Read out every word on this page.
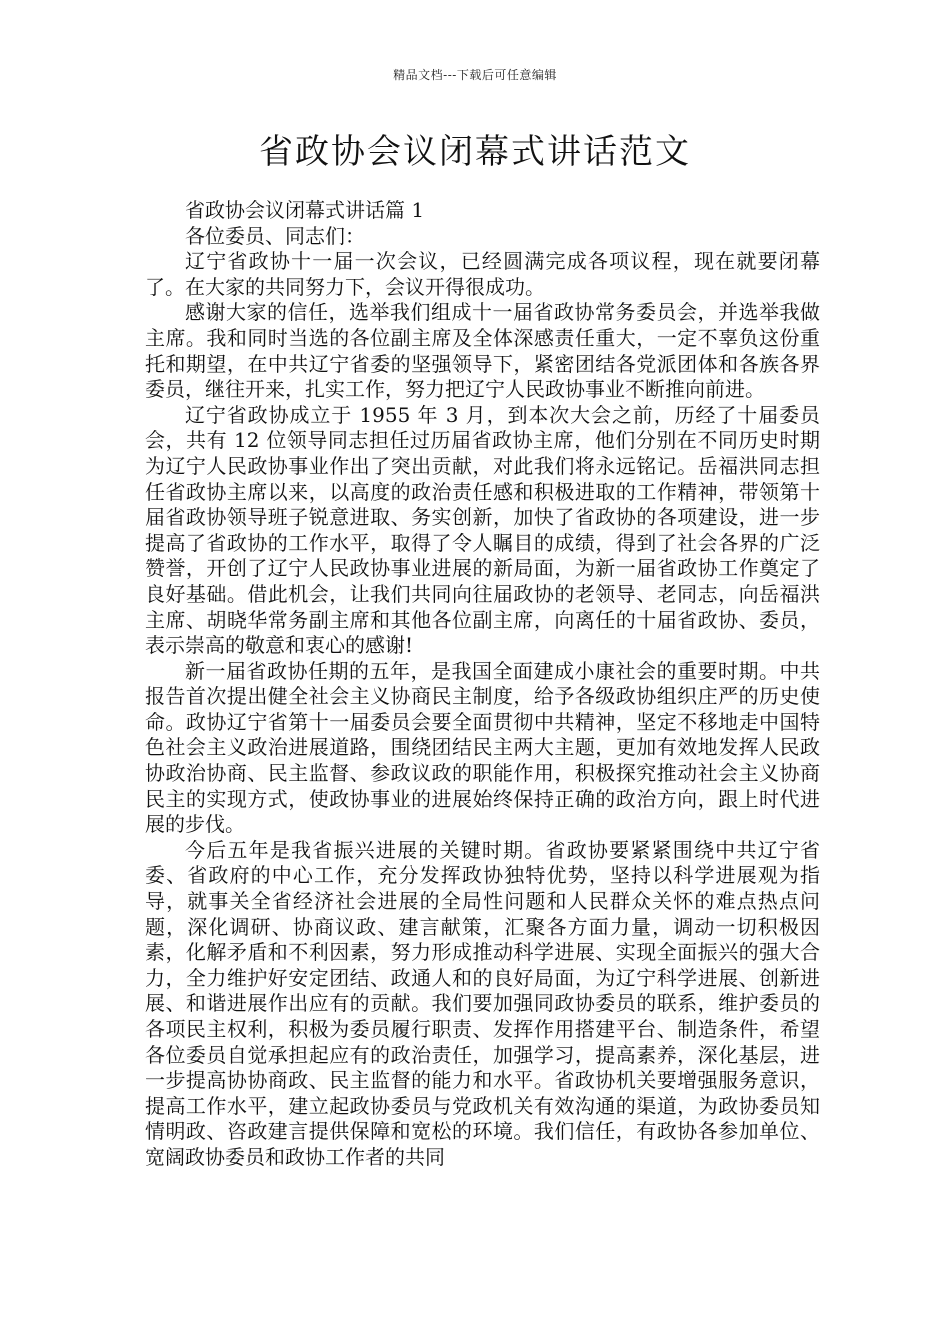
精品文档---下载后可任意编辑
省政协会议闭幕式讲话范文

省政协会议闭幕式讲话篇 1

各位委员、同志们：

辽宁省政协十一届一次会议，已经圆满完成各项议程，现在就要闭幕了。在大家的共同努力下，会议开得很成功。

感谢大家的信任，选举我们组成十一届省政协常务委员会，并选举我做主席。我和同时当选的各位副主席及全体深感责任重大，一定不辜负这份重托和期望，在中共辽宁省委的坚强领导下，紧密团结各党派团体和各族各界委员，继往开来，扎实工作，努力把辽宁人民政协事业不断推向前进。

辽宁省政协成立于 1955 年 3 月，到本次大会之前，历经了十届委员会，共有 12 位领导同志担任过历届省政协主席，他们分别在不同历史时期为辽宁人民政协事业作出了突出贡献，对此我们将永远铭记。岳福洪同志担任省政协主席以来，以高度的政治责任感和积极进取的工作精神，带领第十届省政协领导班子锐意进取、务实创新，加快了省政协的各项建设，进一步提高了省政协的工作水平，取得了令人瞩目的成绩，得到了社会各界的广泛赞誉，开创了辽宁人民政协事业进展的新局面，为新一届省政协工作奠定了良好基础。借此机会，让我们共同向往届政协的老领导、老同志，向岳福洪主席、胡晓华常务副主席和其他各位副主席，向离任的十届省政协、委员，表示崇高的敬意和衷心的感谢!

新一届省政协任期的五年，是我国全面建成小康社会的重要时期。中共报告首次提出健全社会主义协商民主制度，给予各级政协组织庄严的历史使命。政协辽宁省第十一届委员会要全面贯彻中共精神，坚定不移地走中国特色社会主义政治进展道路，围绕团结民主两大主题，更加有效地发挥人民政协政治协商、民主监督、参政议政的职能作用，积极探究推动社会主义协商民主的实现方式，使政协事业的进展始终保持正确的政治方向，跟上时代进展的步伐。

今后五年是我省振兴进展的关键时期。省政协要紧紧围绕中共辽宁省委、省政府的中心工作，充分发挥政协独特优势，坚持以科学进展观为指导，就事关全省经济社会进展的全局性问题和人民群众关怀的难点热点问题，深化调研、协商议政、建言献策，汇聚各方面力量，调动一切积极因素，化解矛盾和不利因素，努力形成推动科学进展、实现全面振兴的强大合力，全力维护好安定团结、政通人和的良好局面，为辽宁科学进展、创新进展、和谐进展作出应有的贡献。我们要加强同政协委员的联系，维护委员的各项民主权利，积极为委员履行职责、发挥作用搭建平台、制造条件，希望各位委员自觉承担起应有的政治责任，加强学习，提高素养，深化基层，进一步提高协协商政、民主监督的能力和水平。省政协机关要增强服务意识，提高工作水平，建立起政协委员与党政机关有效沟通的渠道，为政协委员知情明政、咨政建言提供保障和宽松的环境。我们信任，有政协各参加单位、宽阔政协委员和政协工作者的共同
